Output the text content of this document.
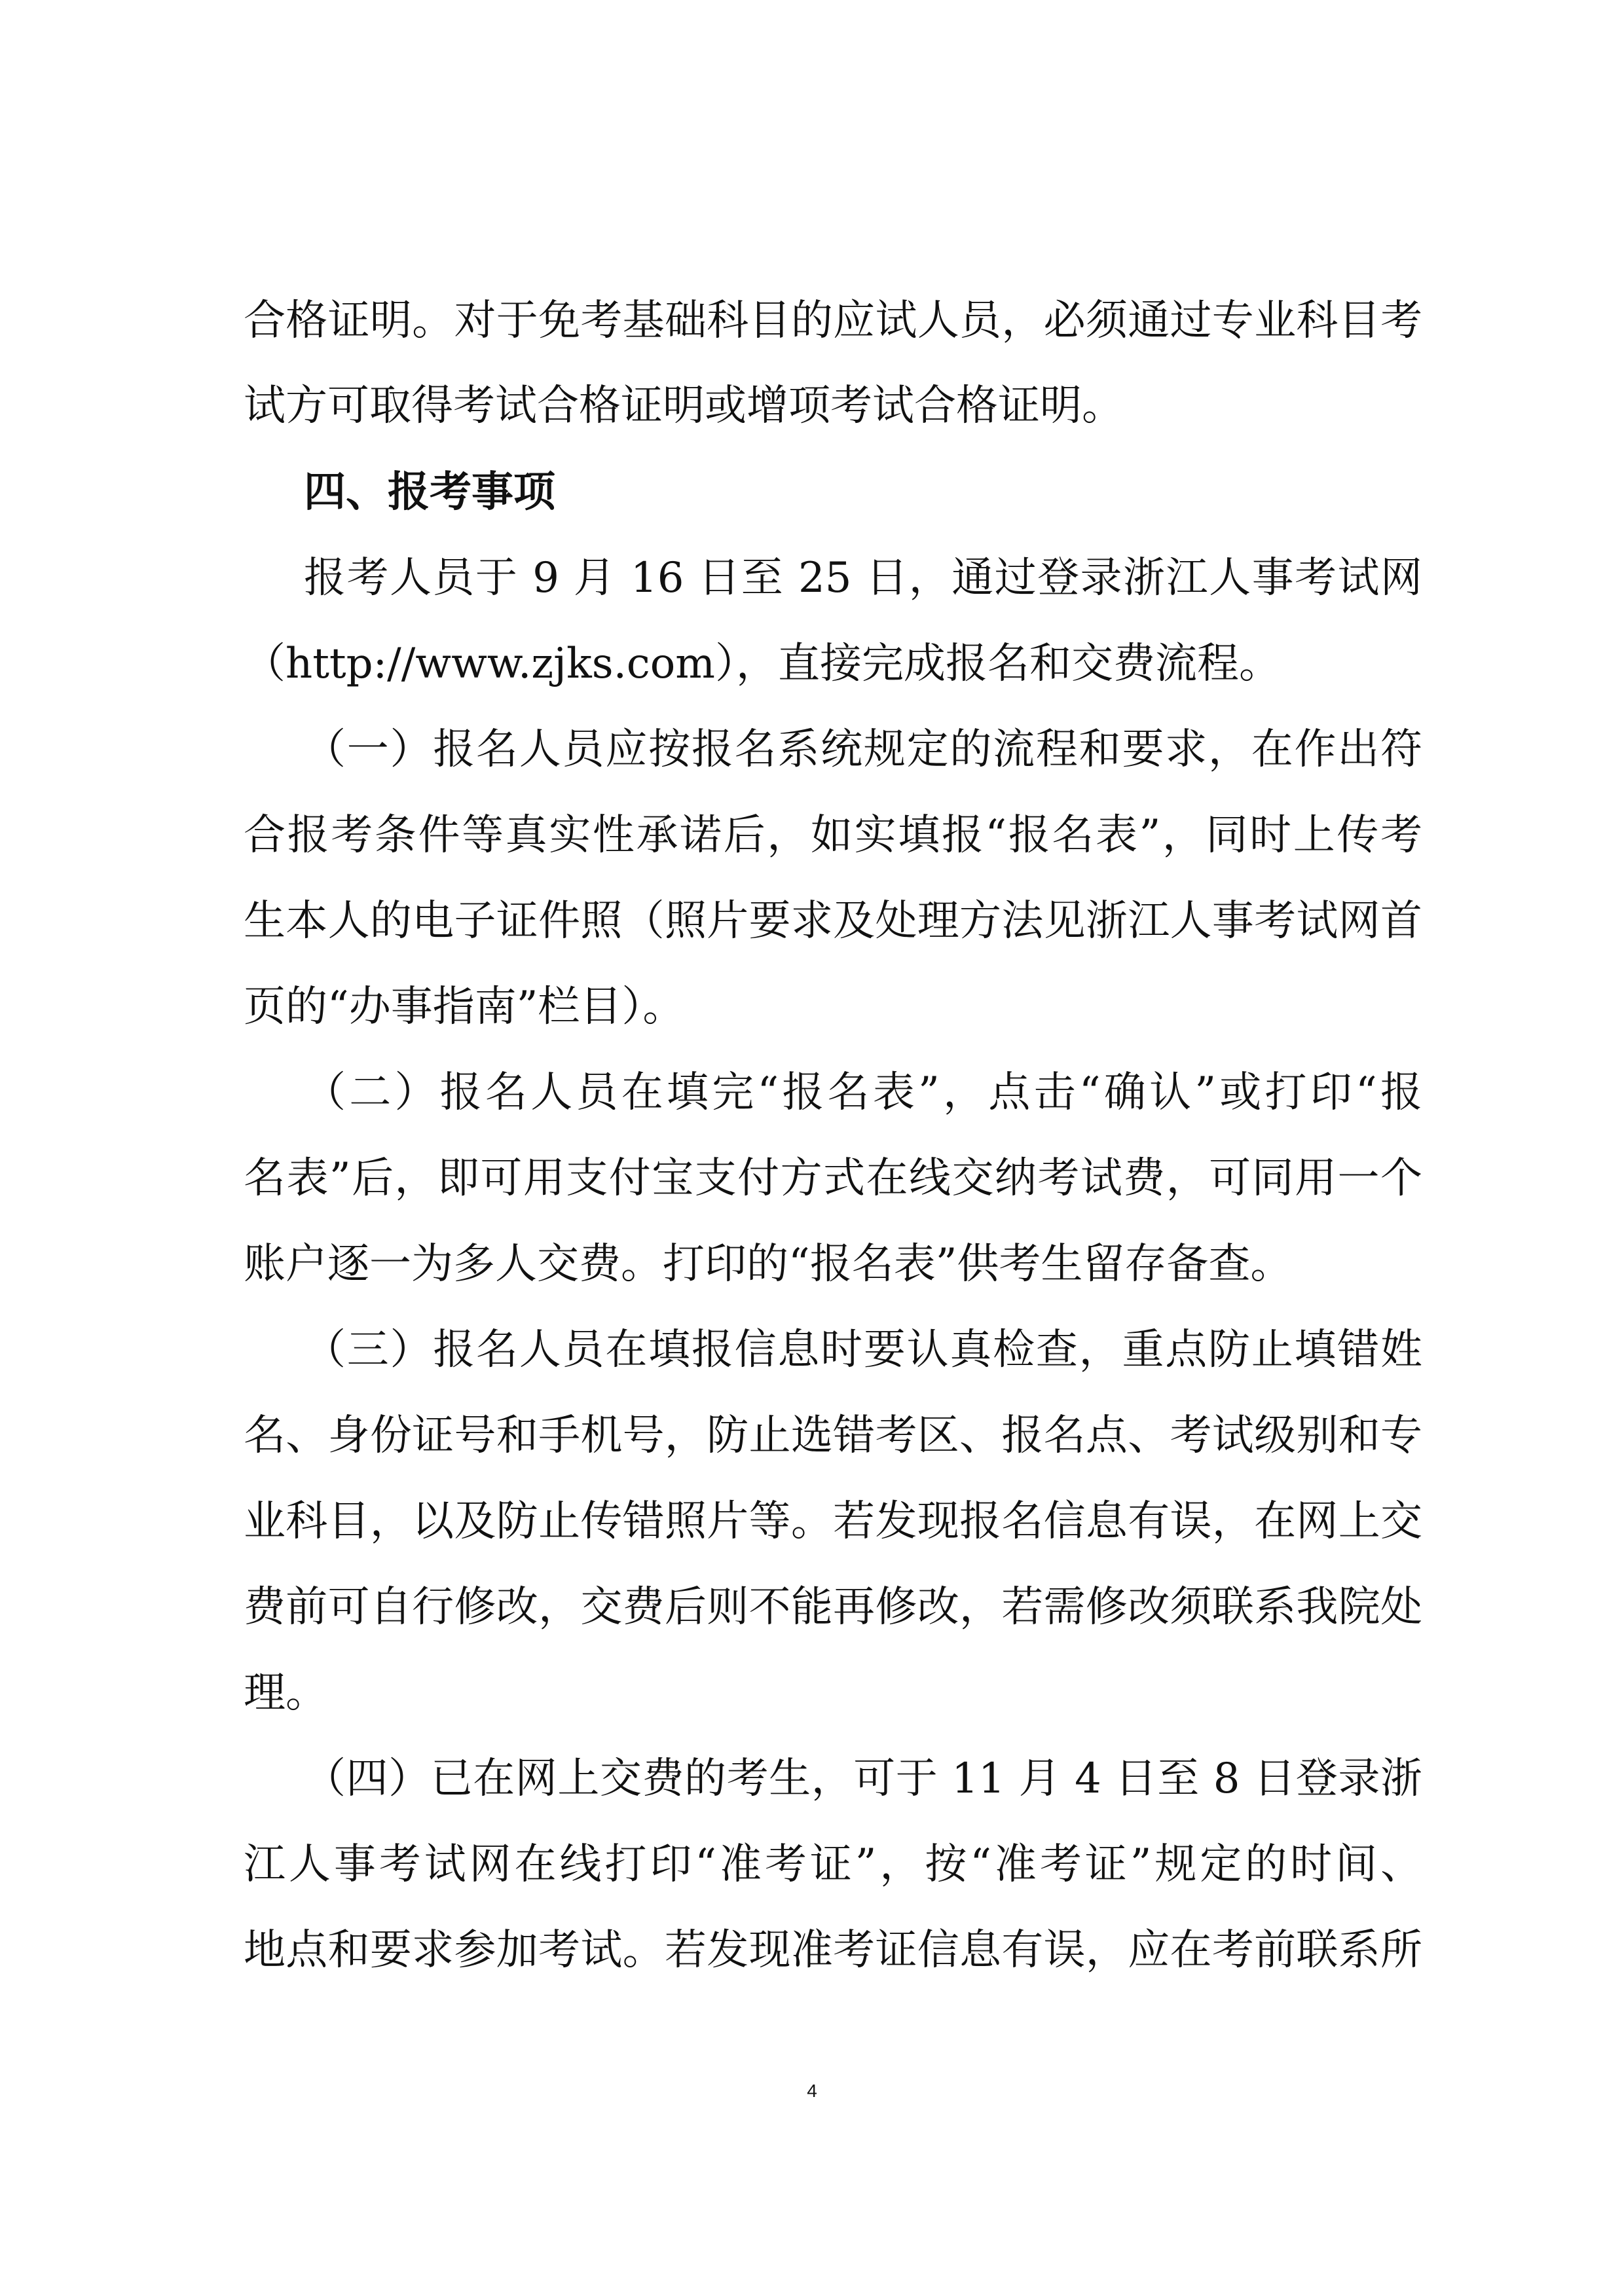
合格证明。对于免考基础科目的应试人员，必须通过专业科目考
试方可取得考试合格证明或增项考试合格证明。
四、报考事项
报考人员于 9 月 16 日至 25 日，通过登录浙江人事考试网
（http://www.zjks.com），直接完成报名和交费流程。
（一）报名人员应按报名系统规定的流程和要求，在作出符
合报考条件等真实性承诺后，如实填报“报名表”，同时上传考
生本人的电子证件照（照片要求及处理方法见浙江人事考试网首
页的“办事指南”栏目）。
（二）报名人员在填完“报名表”，点击“确认”或打印“报
名表”后，即可用支付宝支付方式在线交纳考试费，可同用一个
账户逐一为多人交费。打印的“报名表”供考生留存备查。
（三）报名人员在填报信息时要认真检查，重点防止填错姓
名、身份证号和手机号，防止选错考区、报名点、考试级别和专
业科目，以及防止传错照片等。若发现报名信息有误，在网上交
费前可自行修改，交费后则不能再修改，若需修改须联系我院处
理。
（四）已在网上交费的考生，可于 11 月 4 日至 8 日登录浙
江人事考试网在线打印“准考证”，按“准考证”规定的时间、
地点和要求参加考试。若发现准考证信息有误，应在考前联系所
4
